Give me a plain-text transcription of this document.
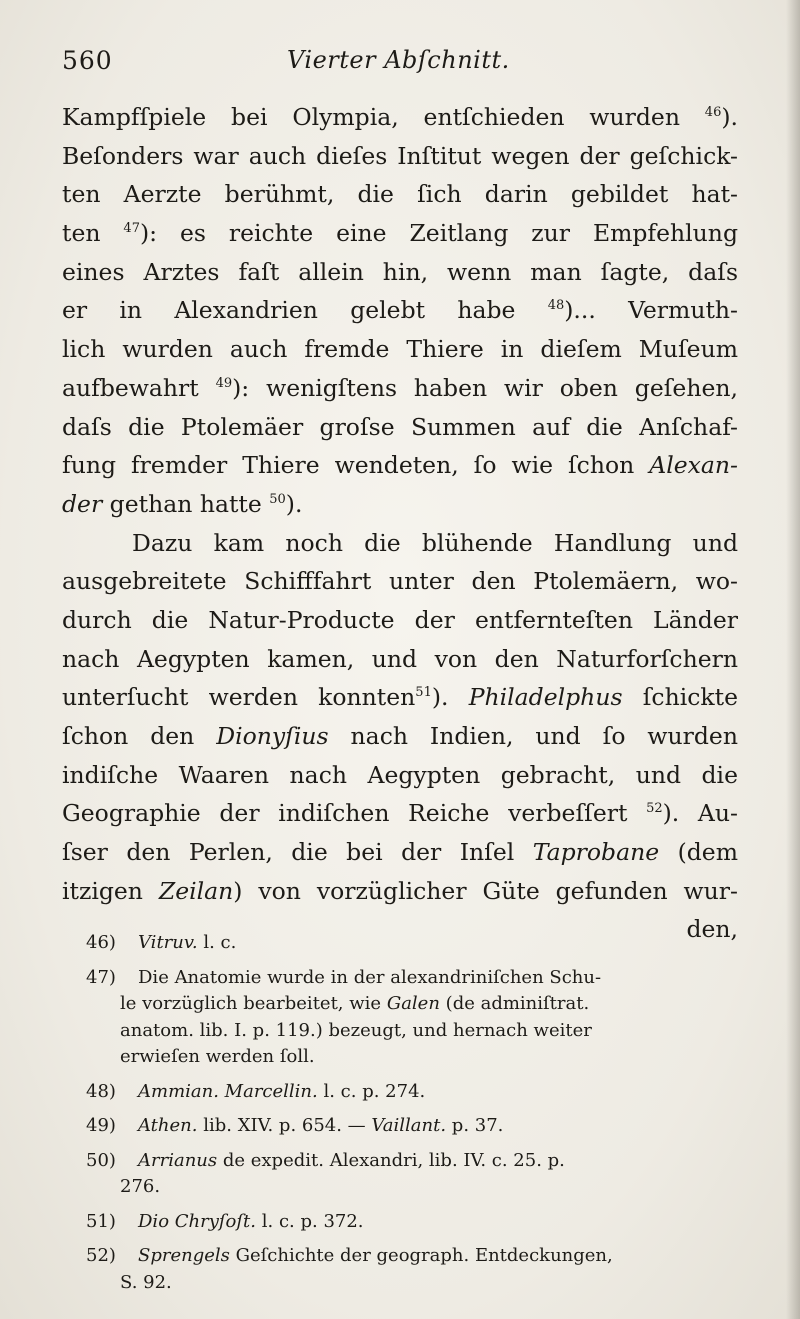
560	Vierter Abſchnitt.
Kampfſpiele bei Olympia, entſchieden wurden $^{46}$).
Beſonders war auch dieſes Inſtitut wegen der geſchick-
ten Aerzte berühmt, die ſich darin gebildet hat-
ten $^{47}$): es reichte eine Zeitlang zur Empfehlung
eines Arztes faſt allein hin, wenn man ſagte, daſs
er in Alexandrien gelebt habe $^{48}$)... Vermuth-
lich wurden auch fremde Thiere in dieſem Muſeum
aufbewahrt $^{49}$): wenigſtens haben wir oben geſehen,
daſs die Ptolemäer groſse Summen auf die Anſchaf-
fung fremder Thiere wendeten, ſo wie ſchon Alexan-
der gethan hatte $^{50}$).
Dazu kam noch die blühende Handlung und
ausgebreitete Schifffahrt unter den Ptolemäern, wo-
durch die Natur-Producte der entfernteſten Länder
nach Aegypten kamen, und von den Naturforſchern
unterſucht werden konnten$^{51}$). Philadelphus ſchickte
ſchon den Dionyſius nach Indien, und ſo wurden
indiſche Waaren nach Aegypten gebracht, und die
Geographie der indiſchen Reiche verbeſſert $^{52}$). Au-
ſser den Perlen, die bei der Inſel Taprobane (dem
itzigen Zeilan) von vorzüglicher Güte gefunden wur-
den,
46) Vitruv. l. c.
47) Die Anatomie wurde in der alexandriniſchen Schu-
le vorzüglich bearbeitet, wie Galen (de adminiſtrat.
anatom. lib. I. p. 119.) bezeugt, und hernach weiter
erwieſen werden ſoll.
48) Ammian. Marcellin. l. c. p. 274.
49) Athen. lib. XIV. p. 654. — Vaillant. p. 37.
50) Arrianus de expedit. Alexandri, lib. IV. c. 25. p.
276.
51) Dio Chryſoſt. l. c. p. 372.
52) Sprengels Geſchichte der geograph. Entdeckungen,
S. 92.
